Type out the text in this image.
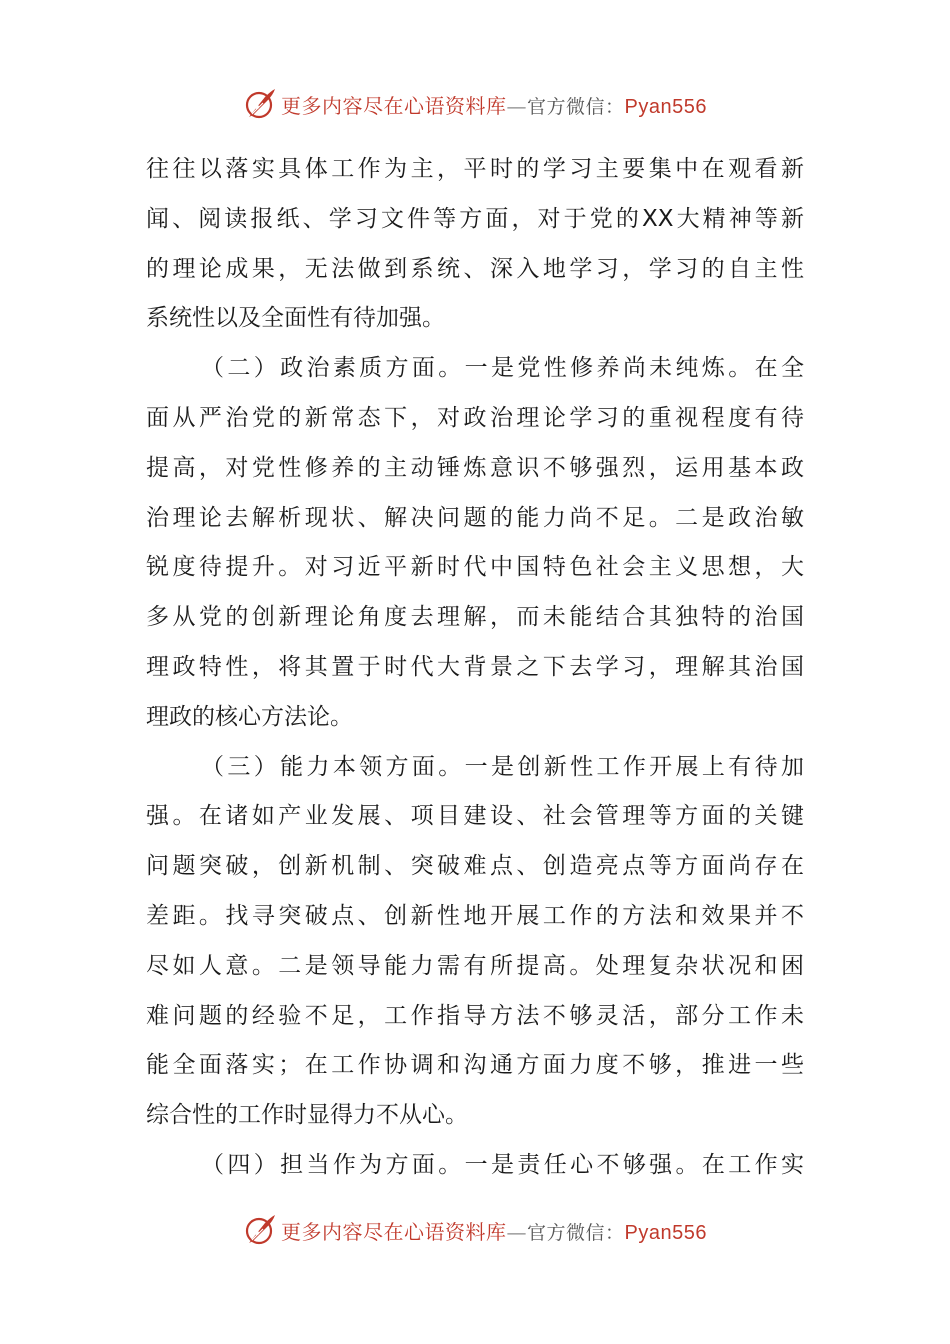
更多内容尽在心语资料库—官方微信：Pyan556
往往以落实具体工作为主，平时的学习主要集中在观看新
闻、阅读报纸、学习文件等方面，对于党的XX大精神等新
的理论成果，无法做到系统、深入地学习，学习的自主性
系统性以及全面性有待加强。
（二）政治素质方面。一是党性修养尚未纯炼。在全
面从严治党的新常态下，对政治理论学习的重视程度有待
提高，对党性修养的主动锤炼意识不够强烈，运用基本政
治理论去解析现状、解决问题的能力尚不足。二是政治敏
锐度待提升。对习近平新时代中国特色社会主义思想，大
多从党的创新理论角度去理解，而未能结合其独特的治国
理政特性，将其置于时代大背景之下去学习，理解其治国
理政的核心方法论。
（三）能力本领方面。一是创新性工作开展上有待加
强。在诸如产业发展、项目建设、社会管理等方面的关键
问题突破，创新机制、突破难点、创造亮点等方面尚存在
差距。找寻突破点、创新性地开展工作的方法和效果并不
尽如人意。二是领导能力需有所提高。处理复杂状况和困
难问题的经验不足，工作指导方法不够灵活，部分工作未
能全面落实；在工作协调和沟通方面力度不够，推进一些
综合性的工作时显得力不从心。
（四）担当作为方面。一是责任心不够强。在工作实
更多内容尽在心语资料库—官方微信：Pyan556
